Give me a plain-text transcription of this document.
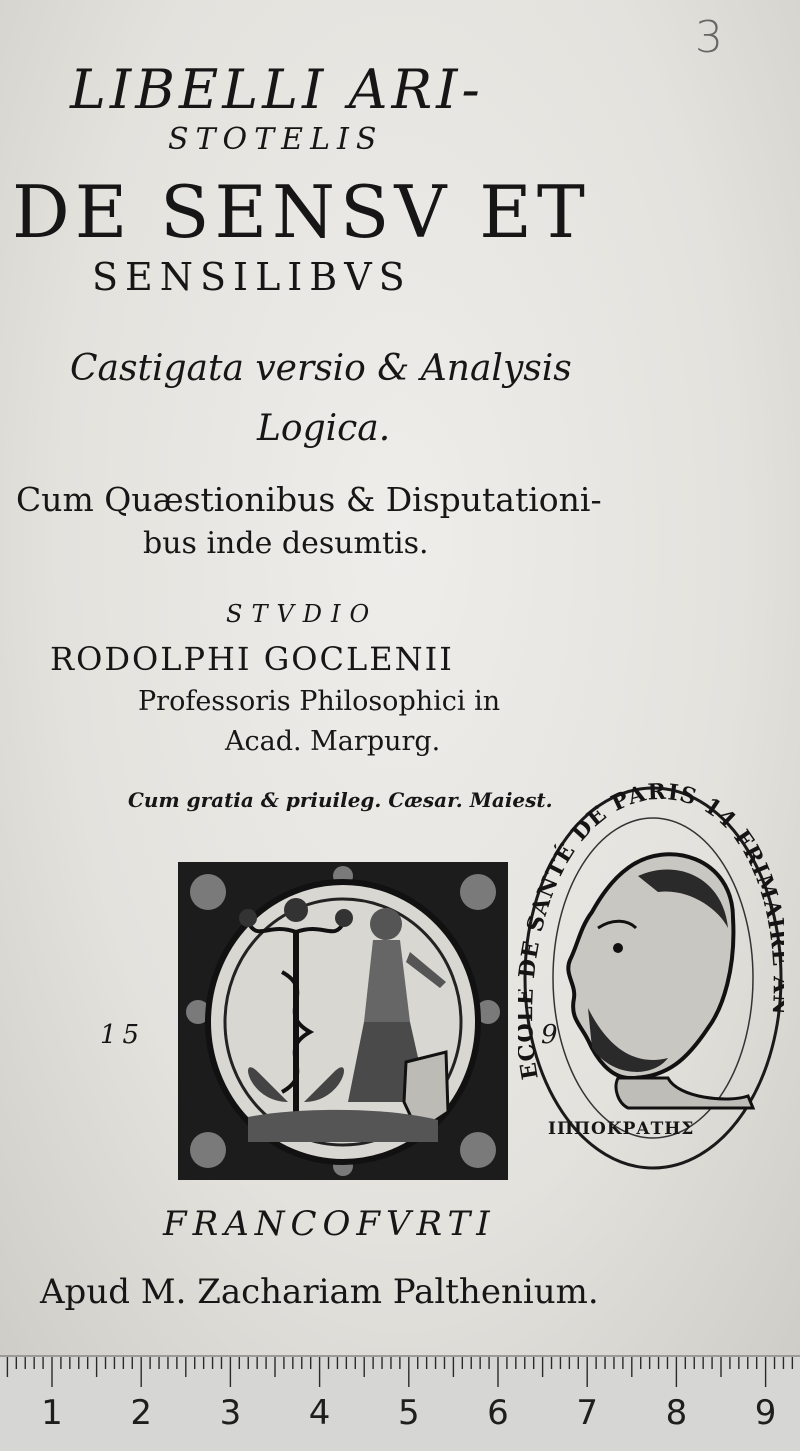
3
LIBELLI ARI-
STOTELIS
DE SENSV ET
SENSILIBVS
Castigata versio & Analysis
Logica.
Cum Quæstionibus & Disputationi-
bus inde desumtis.
STVDIO
RODOLPHI GOCLENII
Professoris Philosophici in
Acad. Marpurg.
Cum gratia & priuileg. Cæsar. Maiest.
15	9
E E SANTÉ DE PARIS 14 FRIM
ΙΠΠΟΚΡΑΤΗΣ
FRANCOFVRTI
Apud M. Zachariam Palthenium.
1 2 3 4 5 6 7 8 9
